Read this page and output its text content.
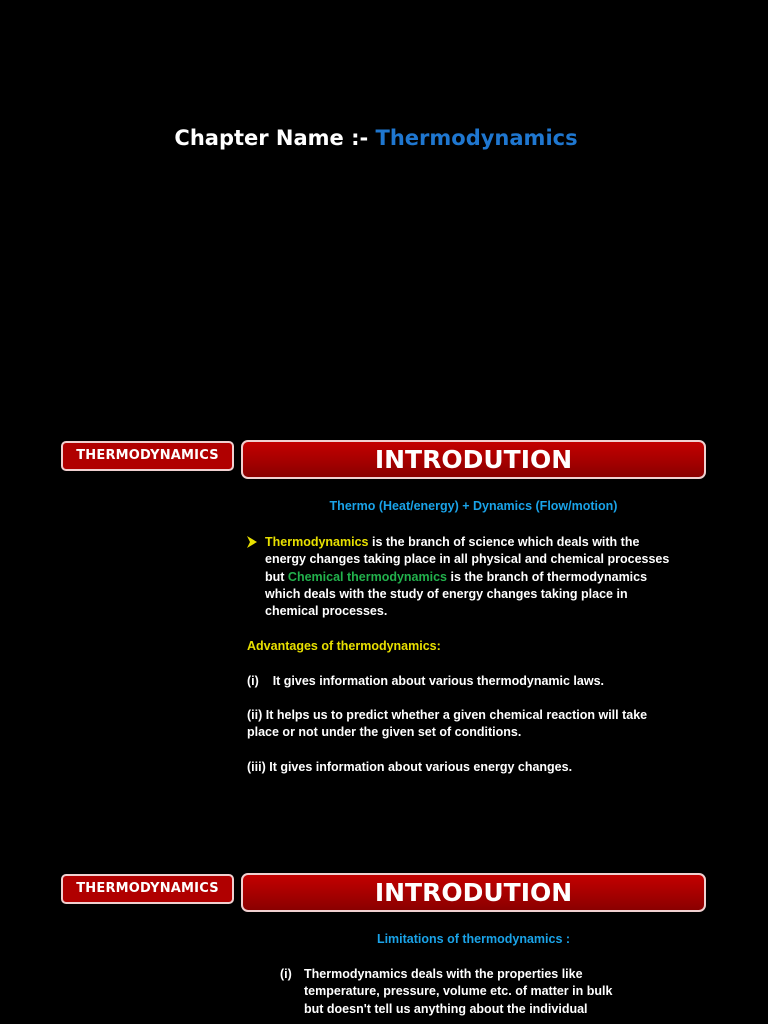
Chapter Name :- Thermodynamics
THERMODYNAMICS	INTRODUTION
Thermo (Heat/energy) + Dynamics (Flow/motion)
Thermodynamics is the branch of science which deals with the
energy changes taking place in all physical and chemical processes
but Chemical thermodynamics is the branch of thermodynamics
which deals with the study of energy changes taking place in
chemical processes.
Advantages of thermodynamics:
(i)    It gives information about various thermodynamic laws.
(ii) It helps us to predict whether a given chemical reaction will take
place or not under the given set of conditions.
(iii) It gives information about various energy changes.
THERMODYNAMICS	INTRODUTION
Limitations of thermodynamics :
(i) Thermodynamics deals with the properties like
temperature, pressure, volume etc. of matter in bulk
but doesn't tell us anything about the individual
